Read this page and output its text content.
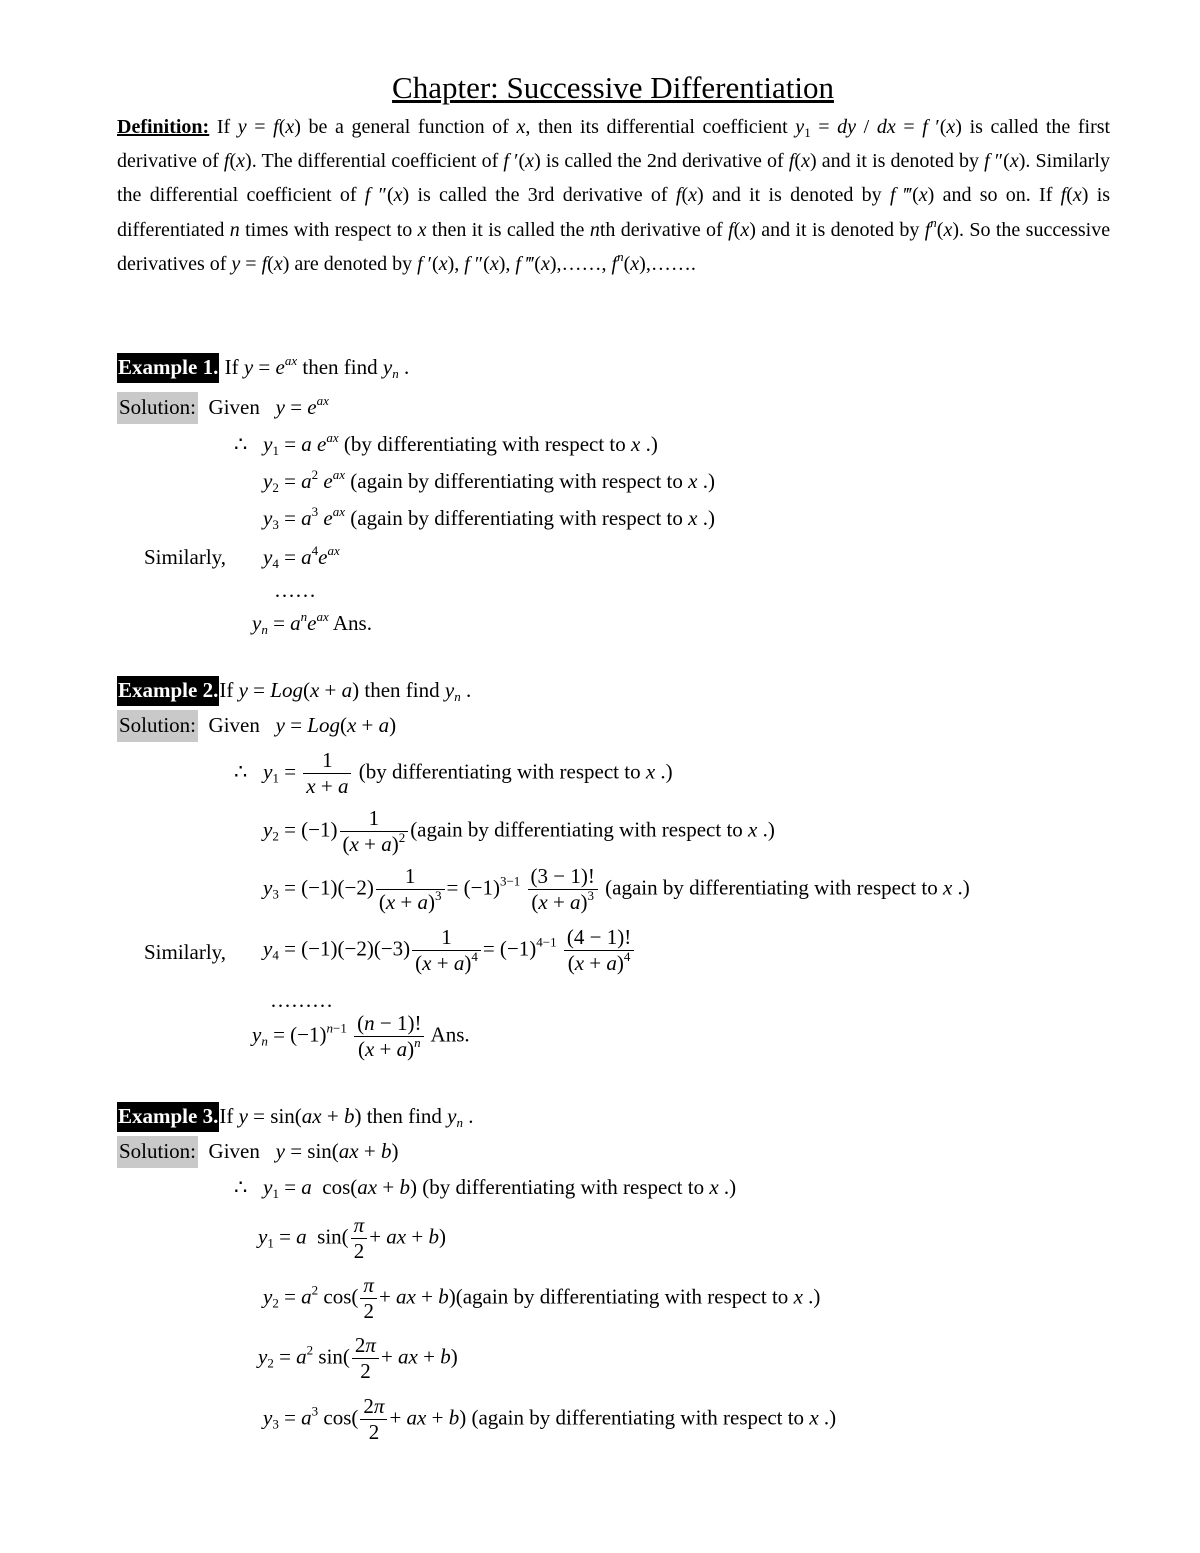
Chapter: Successive Differentiation
Definition: If y = f(x) be a general function of x, then its differential coefficient $y_1$ = dy / dx = f ′(x) is called the first derivative of f(x). The differential coefficient of f ′(x) is called the 2nd derivative of f(x) and it is denoted by f ″(x). Similarly the differential coefficient of f ″(x) is called the 3rd derivative of f(x) and it is denoted by f ‴(x) and so on. If f(x) is differentiated n times with respect to x then it is called the nth derivative of f(x) and it is denoted by $f^n(x)$. So the successive derivatives of y = f(x) are denoted by f ′(x), f ″(x), f ‴(x),……, $f^n(x),\dots\dots$.
Example 1. If $y = e^{ax}$ then find $y_n$ .
Solution: Given $y = e^{ax}$
∴   $y_1 = a$ $e^{ax}$ (by differentiating with respect to x .)
$y_2 = a^2$ $e^{ax}$ (again by differentiating with respect to x .)
$y_3 = a^3$ $e^{ax}$ (again by differentiating with respect to x .)
Similarly, $y_4 = a^4e^{ax}$
……
$y_n = a^ne^{ax}$ Ans.
Example 2.If y = Log(x + a) then find $y_n$ .
Solution: Given y = Log(x + a)
∴   $y_1 = \frac{1}{x + a} (by$ differentiating with respect to x .)
$y_2 = (-1) \frac{1}{(x + a)^2}$ (again by differentiating with respect to x .)
$y_3 = (-1)(-2) \frac{1}{(x + a)^3} = (-1)^{3-1} \frac{(3 - 1)!}{(x + a)^3}$ (again by differentiating with respect to x .)
Similarly, $y_4 = (-1)(-2)(-3) \frac{1}{(x + a)^4} = (-1)^{4-1} \frac{(4 - 1)!}{(x + a)^4}$
………
$y_n = (-1)^{n-1} \frac{(n - 1)!}{(x + a)^n}$ Ans.
Example 3.If y = sin(ax + b) then find $y_n$ .
Solution: Given y = sin(ax + b)
∴   $y_1 = a$  cos(ax + b) (by differentiating with respect to x .)
$y_1 = a$  $\sin( \frac{\pi}{2}$ + ax + b)
$y_2 = a^2$ $\cos( \frac{\pi}{2}$ + ax + b)(again by differentiating with respect to x .)
$y_2 = a^2$ $\sin( \frac{2\pi}{2}$ + ax + b)
$y_3 = a^3$ $\cos( \frac{2\pi}{2}$ + ax + b) (again by differentiating with respect to x .)
